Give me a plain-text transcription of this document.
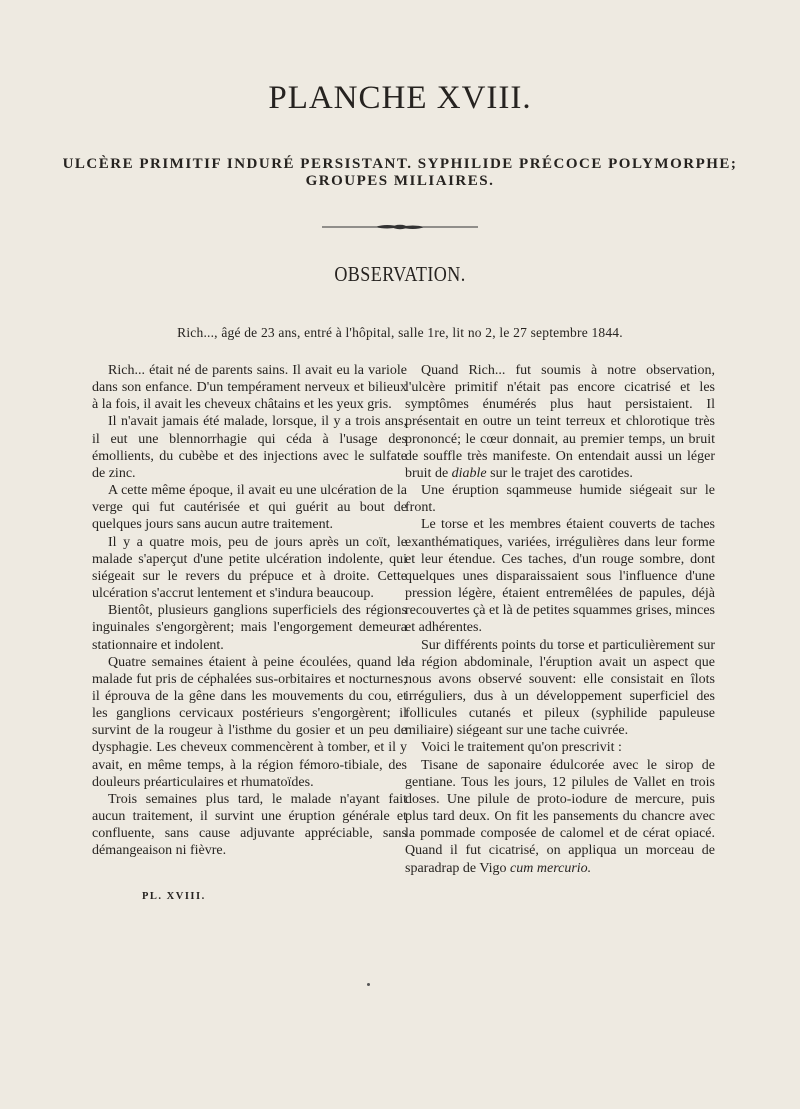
PLANCHE XVIII.
ULCÈRE PRIMITIF INDURÉ PERSISTANT. SYPHILIDE PRÉCOCE POLYMORPHE; GROUPES MILIAIRES.
OBSERVATION.
Rich..., âgé de 23 ans, entré à l'hôpital, salle 1re, lit no 2, le 27 septembre 1844.

Rich... était né de parents sains. Il avait eu la variole dans son enfance. D'un tempérament nerveux et bilieux à la fois, il avait les cheveux châtains et les yeux gris.

Il n'avait jamais été malade, lorsque, il y a trois ans, il eut une blennorrhagie qui céda à l'usage des émollients, du cubèbe et des injections avec le sulfate de zinc.

A cette même époque, il avait eu une ulcération de la verge qui fut cautérisée et qui guérit au bout de quelques jours sans aucun autre traitement.

Il y a quatre mois, peu de jours après un coït, le malade s'aperçut d'une petite ulcération indolente, qui siégeait sur le revers du prépuce et à droite. Cette ulcération s'accrut lentement et s'indura beaucoup.

Bientôt, plusieurs ganglions superficiels des régions inguinales s'engorgèrent; mais l'engorgement demeura stationnaire et indolent.

Quatre semaines étaient à peine écoulées, quand le malade fut pris de céphalées sus-orbitaires et nocturnes; il éprouva de la gêne dans les mouvements du cou, et les ganglions cervicaux postérieurs s'engorgèrent; il survint de la rougeur à l'isthme du gosier et un peu de dysphagie. Les cheveux commencèrent à tomber, et il y avait, en même temps, à la région fémoro-tibiale, des douleurs préarticulaires et rhumatoïdes.

Trois semaines plus tard, le malade n'ayant fait aucun traitement, il survint une éruption générale et confluente, sans cause adjuvante appréciable, sans démangeaison ni fièvre.

Quand Rich... fut soumis à notre observation, l'ulcère primitif n'était pas encore cicatrisé et les symptômes énumérés plus haut persistaient. Il présentait en outre un teint terreux et chlorotique très prononcé; le cœur donnait, au premier temps, un bruit de souffle très manifeste. On entendait aussi un léger bruit de diable sur le trajet des carotides.

Une éruption sqammeuse humide siégeait sur le front.

Le torse et les membres étaient couverts de taches exanthématiques, variées, irrégulières dans leur forme et leur étendue. Ces taches, d'un rouge sombre, dont quelques unes disparaissaient sous l'influence d'une pression légère, étaient entremêlées de papules, déjà recouvertes çà et là de petites squammes grises, minces et adhérentes.

Sur différents points du torse et particulièrement sur la région abdominale, l'éruption avait un aspect que nous avons observé souvent: elle consistait en îlots irréguliers, dus à un développement superficiel des follicules cutanés et pileux (syphilide papuleuse miliaire) siégeant sur une tache cuivrée.

Voici le traitement qu'on prescrivit :

Tisane de saponaire édulcorée avec le sirop de gentiane. Tous les jours, 12 pilules de Vallet en trois doses. Une pilule de proto-iodure de mercure, puis plus tard deux. On fit les pansements du chancre avec la pommade composée de calomel et de cérat opiacé. Quand il fut cicatrisé, on appliqua un morceau de sparadrap de Vigo cum mercurio.

PL. XVIII.
